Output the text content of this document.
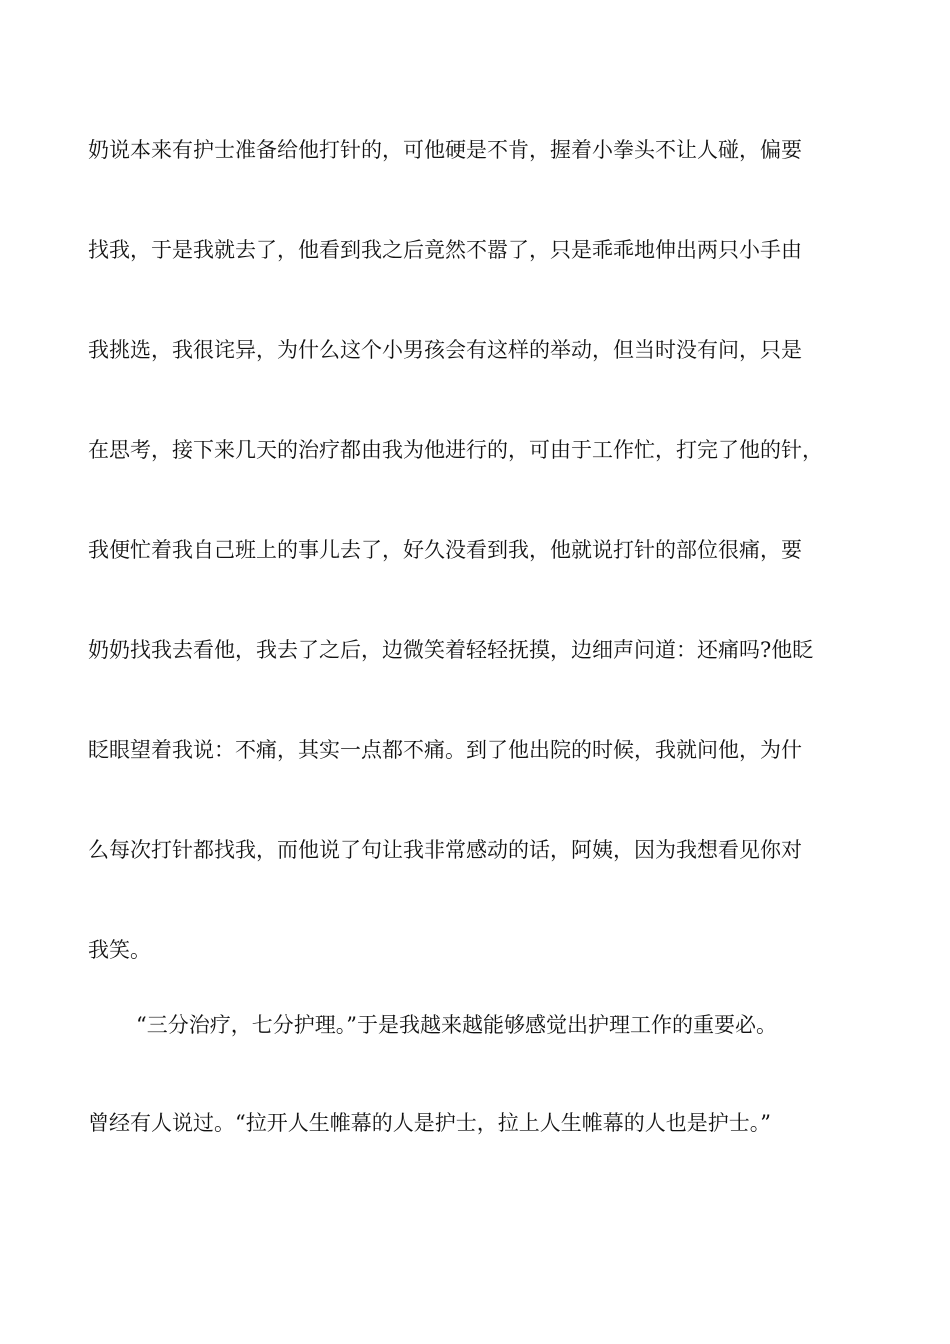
奶说本来有护士准备给他打针的，可他硬是不肯，握着小拳头不让人碰，偏要
找我，于是我就去了，他看到我之后竟然不嚣了，只是乖乖地伸出两只小手由
我挑选，我很诧异，为什么这个小男孩会有这样的举动，但当时没有问，只是
在思考，接下来几天的治疗都由我为他进行的，可由于工作忙，打完了他的针，
我便忙着我自己班上的事儿去了，好久没看到我，他就说打针的部位很痛，要
奶奶找我去看他，我去了之后，边微笑着轻轻抚摸，边细声问道：还痛吗?他眨
眨眼望着我说：不痛，其实一点都不痛。到了他出院的时候，我就问他，为什
么每次打针都找我，而他说了句让我非常感动的话，阿姨，因为我想看见你对
我笑。
“三分治疗，七分护理。”于是我越来越能够感觉出护理工作的重要必。
曾经有人说过。“拉开人生帷幕的人是护士，拉上人生帷幕的人也是护士。”
